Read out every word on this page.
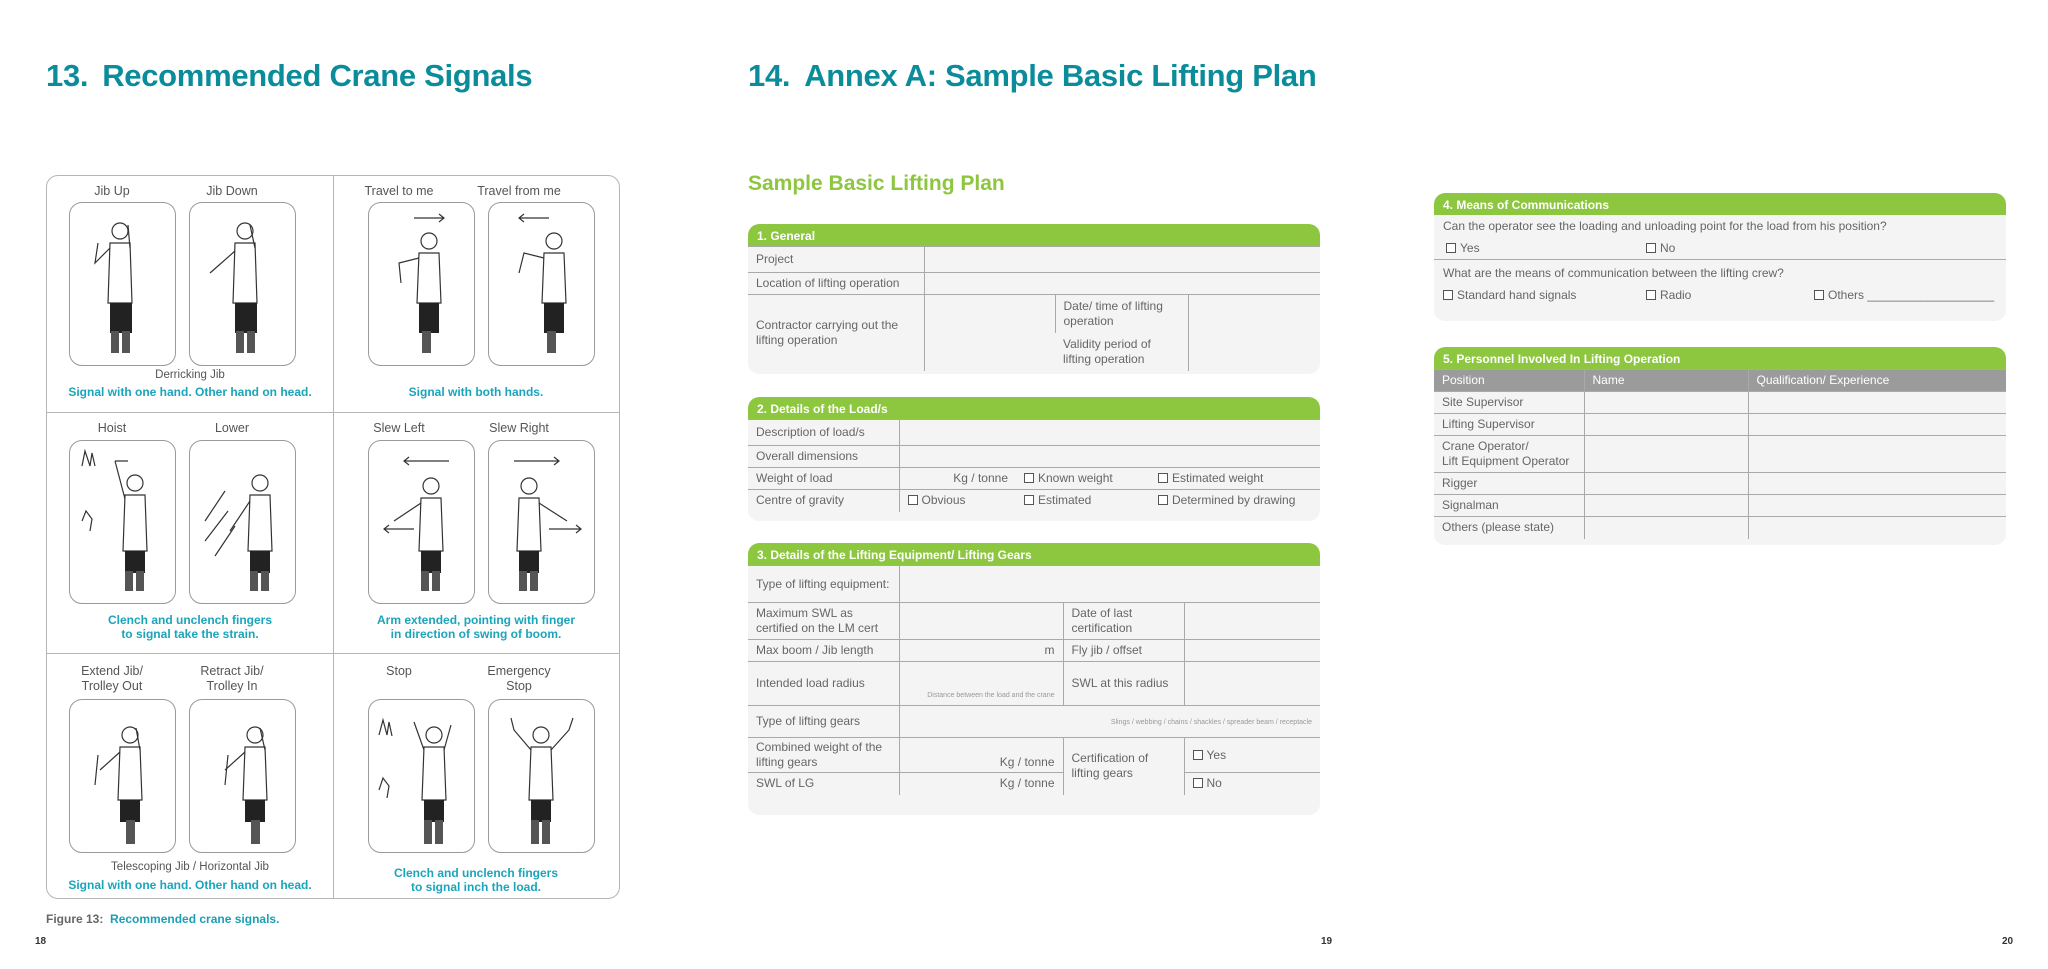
13. Recommended Crane Signals
Jib Up	Jib Down
Derricking Jib
Signal with one hand. Other hand on head.
Travel to me	Travel from me
Signal with both hands.
Hoist	Lower
Clench and unclench fingers
to signal take the strain.
Slew Left	Slew Right
Arm extended, pointing with finger
in direction of swing of boom.
Extend Jib/
Trolley Out
Retract Jib/
Trolley In
Telescoping Jib / Horizontal Jib
Signal with one hand. Other hand on head.
Stop	Emergency
Stop
Clench and unclench fingers
to signal inch the load.
Figure 13: Recommended crane signals.
18
14. Annex A: Sample Basic Lifting Plan
Sample Basic Lifting Plan
1. General
Project			
Location of lifting operation			
Contractor carrying out the lifting operation		Date/ time of lifting operation	
		Validity period of lifting operation	
2. Details of the Load/s
Description of load/s			
Overall dimensions			
Weight of load	Kg / tonne	Known weight	Estimated weight
Centre of gravity	Obvious	Estimated	Determined by drawing
3. Details of the Lifting Equipment/ Lifting Gears
Type of lifting equipment:			
Maximum SWL as certified on the LM cert		Date of last certification	
Max boom / Jib length	m	Fly jib / offset	
Intended load radius	Distance between the load and the crane	SWL at this radius	
Type of lifting gears	Slings / webbing / chains / shackles / spreader beam / receptacle		
Combined weight of the lifting gears	Kg / tonne	Certification of lifting gears	Yes
SWL of LG	Kg / tonne		No
19
4. Means of Communications
Can the operator see the loading and unloading point for the load from his position?
Yes	No
What are the means of communication between the lifting crew?
Standard hand signals	Radio	Others ___________________
5. Personnel Involved In Lifting Operation
Position	Name	Qualification/ Experience
Site Supervisor		
Lifting Supervisor		
Crane Operator/
Lift Equipment Operator		
Rigger		
Signalman		
Others (please state)		
20
